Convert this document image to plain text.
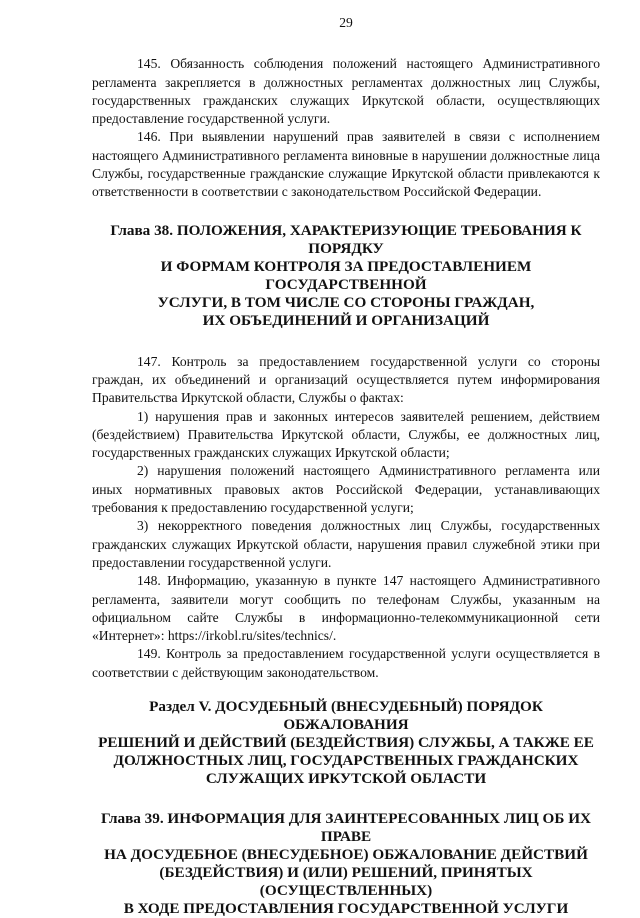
29

145. Обязанность соблюдения положений настоящего Административного регламента закрепляется в должностных регламентах должностных лиц Службы, государственных гражданских служащих Иркутской области, осуществляющих предоставление государственной услуги.

146. При выявлении нарушений прав заявителей в связи с исполнением настоящего Административного регламента виновные в нарушении должностные лица Службы, государственные гражданские служащие Иркутской области привлекаются к ответственности в соответствии с законодательством Российской Федерации.

Глава 38. ПОЛОЖЕНИЯ, ХАРАКТЕРИЗУЮЩИЕ ТРЕБОВАНИЯ К ПОРЯДКУ
И ФОРМАМ КОНТРОЛЯ ЗА ПРЕДОСТАВЛЕНИЕМ ГОСУДАРСТВЕННОЙ
УСЛУГИ, В ТОМ ЧИСЛЕ СО СТОРОНЫ ГРАЖДАН,
ИХ ОБЪЕДИНЕНИЙ И ОРГАНИЗАЦИЙ

147. Контроль за предоставлением государственной услуги со стороны граждан, их объединений и организаций осуществляется путем информирования Правительства Иркутской области, Службы о фактах:

1) нарушения прав и законных интересов заявителей решением, действием (бездействием) Правительства Иркутской области, Службы, ее должностных лиц, государственных гражданских служащих Иркутской области;

2) нарушения положений настоящего Административного регламента или иных нормативных правовых актов Российской Федерации, устанавливающих требования к предоставлению государственной услуги;

3) некорректного поведения должностных лиц Службы, государственных гражданских служащих Иркутской области, нарушения правил служебной этики при предоставлении государственной услуги.

148. Информацию, указанную в пункте 147 настоящего Административного регламента, заявители могут сообщить по телефонам Службы, указанным на официальном сайте Службы в информационно-телекоммуникационной сети «Интернет»: https://irkobl.ru/sites/technics/.

149. Контроль за предоставлением государственной услуги осуществляется в соответствии с действующим законодательством.

Раздел V. ДОСУДЕБНЫЙ (ВНЕСУДЕБНЫЙ) ПОРЯДОК ОБЖАЛОВАНИЯ
РЕШЕНИЙ И ДЕЙСТВИЙ (БЕЗДЕЙСТВИЯ) СЛУЖБЫ, А ТАКЖЕ ЕЕ
ДОЛЖНОСТНЫХ ЛИЦ, ГОСУДАРСТВЕННЫХ ГРАЖДАНСКИХ
СЛУЖАЩИХ ИРКУТСКОЙ ОБЛАСТИ
Глава 39. ИНФОРМАЦИЯ ДЛЯ ЗАИНТЕРЕСОВАННЫХ ЛИЦ ОБ ИХ ПРАВЕ
НА ДОСУДЕБНОЕ (ВНЕСУДЕБНОЕ) ОБЖАЛОВАНИЕ ДЕЙСТВИЙ
(БЕЗДЕЙСТВИЯ) И (ИЛИ) РЕШЕНИЙ, ПРИНЯТЫХ (ОСУЩЕСТВЛЕННЫХ)
В ХОДЕ ПРЕДОСТАВЛЕНИЯ ГОСУДАРСТВЕННОЙ УСЛУГИ
